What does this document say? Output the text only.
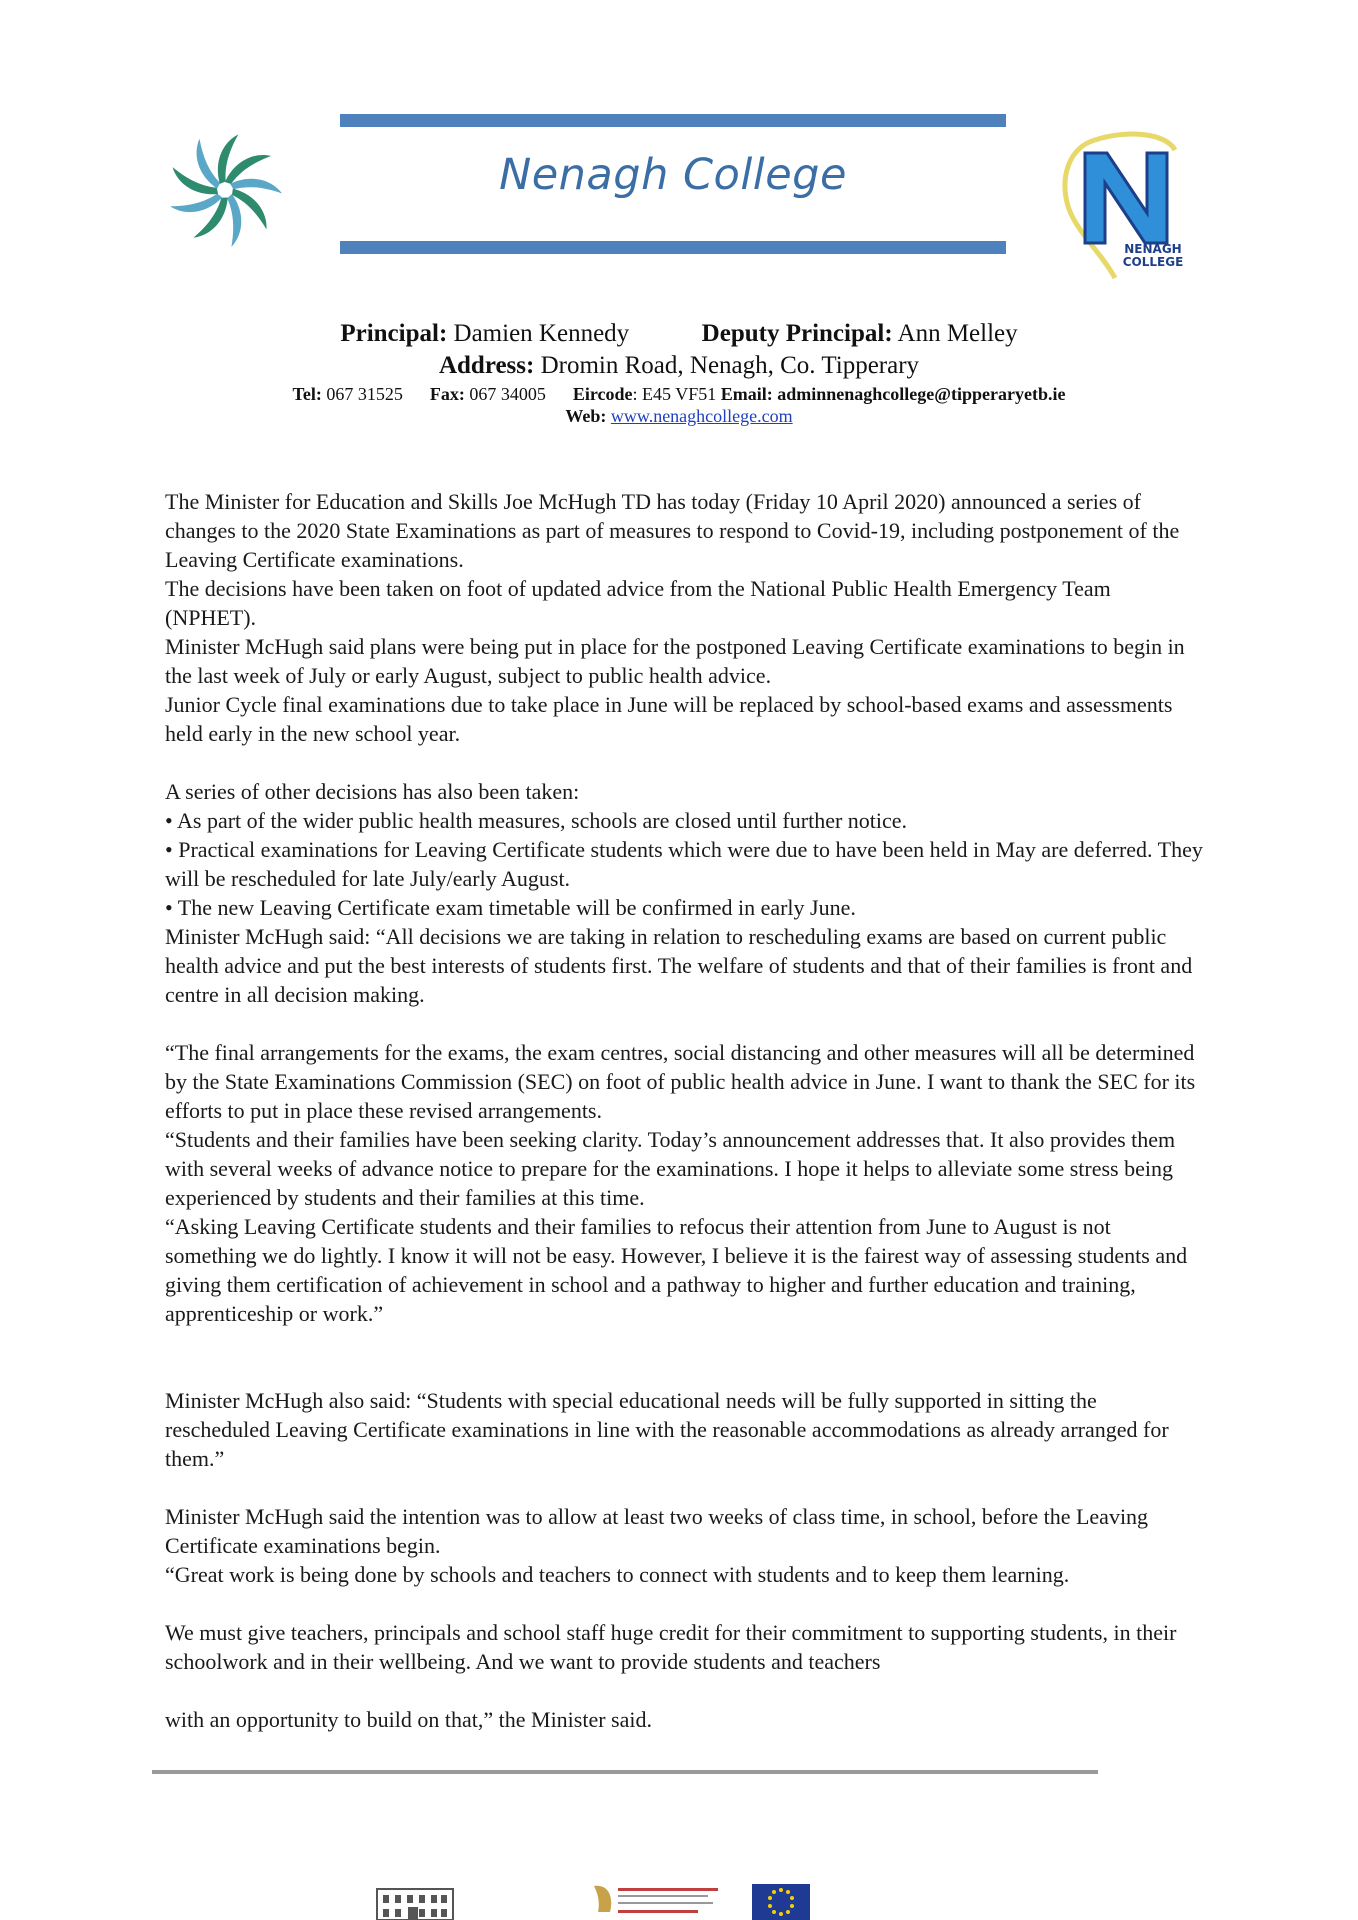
Nenagh College
NENAGH
COLLEGE
Principal: Damien Kennedy	Deputy Principal: Ann Melley
Address: Dromin Road, Nenagh, Co. Tipperary
Tel: 067 31525 Fax: 067 34005 Eircode: E45 VF51 Email: adminnenaghcollege@tipperaryetb.ie
Web: www.nenaghcollege.com

The Minister for Education and Skills Joe McHugh TD has today (Friday 10 April 2020) announced a series of changes to the 2020 State Examinations as part of measures to respond to Covid-19, including postponement of the Leaving Certificate examinations.

The decisions have been taken on foot of updated advice from the National Public Health Emergency Team (NPHET).

Minister McHugh said plans were being put in place for the postponed Leaving Certificate examinations to begin in the last week of July or early August, subject to public health advice.

Junior Cycle final examinations due to take place in June will be replaced by school-based exams and assessments held early in the new school year.

A series of other decisions has also been taken:

• As part of the wider public health measures, schools are closed until further notice.

• Practical examinations for Leaving Certificate students which were due to have been held in May are deferred. They will be rescheduled for late July/early August.

• The new Leaving Certificate exam timetable will be confirmed in early June.

Minister McHugh said: “All decisions we are taking in relation to rescheduling exams are based on current public health advice and put the best interests of students first. The welfare of students and that of their families is front and centre in all decision making.

“The final arrangements for the exams, the exam centres, social distancing and other measures will all be determined by the State Examinations Commission (SEC) on foot of public health advice in June. I want to thank the SEC for its efforts to put in place these revised arrangements.

“Students and their families have been seeking clarity. Today’s announcement addresses that. It also provides them with several weeks of advance notice to prepare for the examinations. I hope it helps to alleviate some stress being experienced by students and their families at this time.

“Asking Leaving Certificate students and their families to refocus their attention from June to August is not something we do lightly. I know it will not be easy. However, I believe it is the fairest way of assessing students and giving them certification of achievement in school and a pathway to higher and further education and training, apprenticeship or work.”

Minister McHugh also said: “Students with special educational needs will be fully supported in sitting the rescheduled Leaving Certificate examinations in line with the reasonable accommodations as already arranged for them.”

Minister McHugh said the intention was to allow at least two weeks of class time, in school, before the Leaving Certificate examinations begin.

“Great work is being done by schools and teachers to connect with students and to keep them learning.

We must give teachers, principals and school staff huge credit for their commitment to supporting students, in their schoolwork and in their wellbeing. And we want to provide students and teachers

with an opportunity to build on that,” the Minister said.
